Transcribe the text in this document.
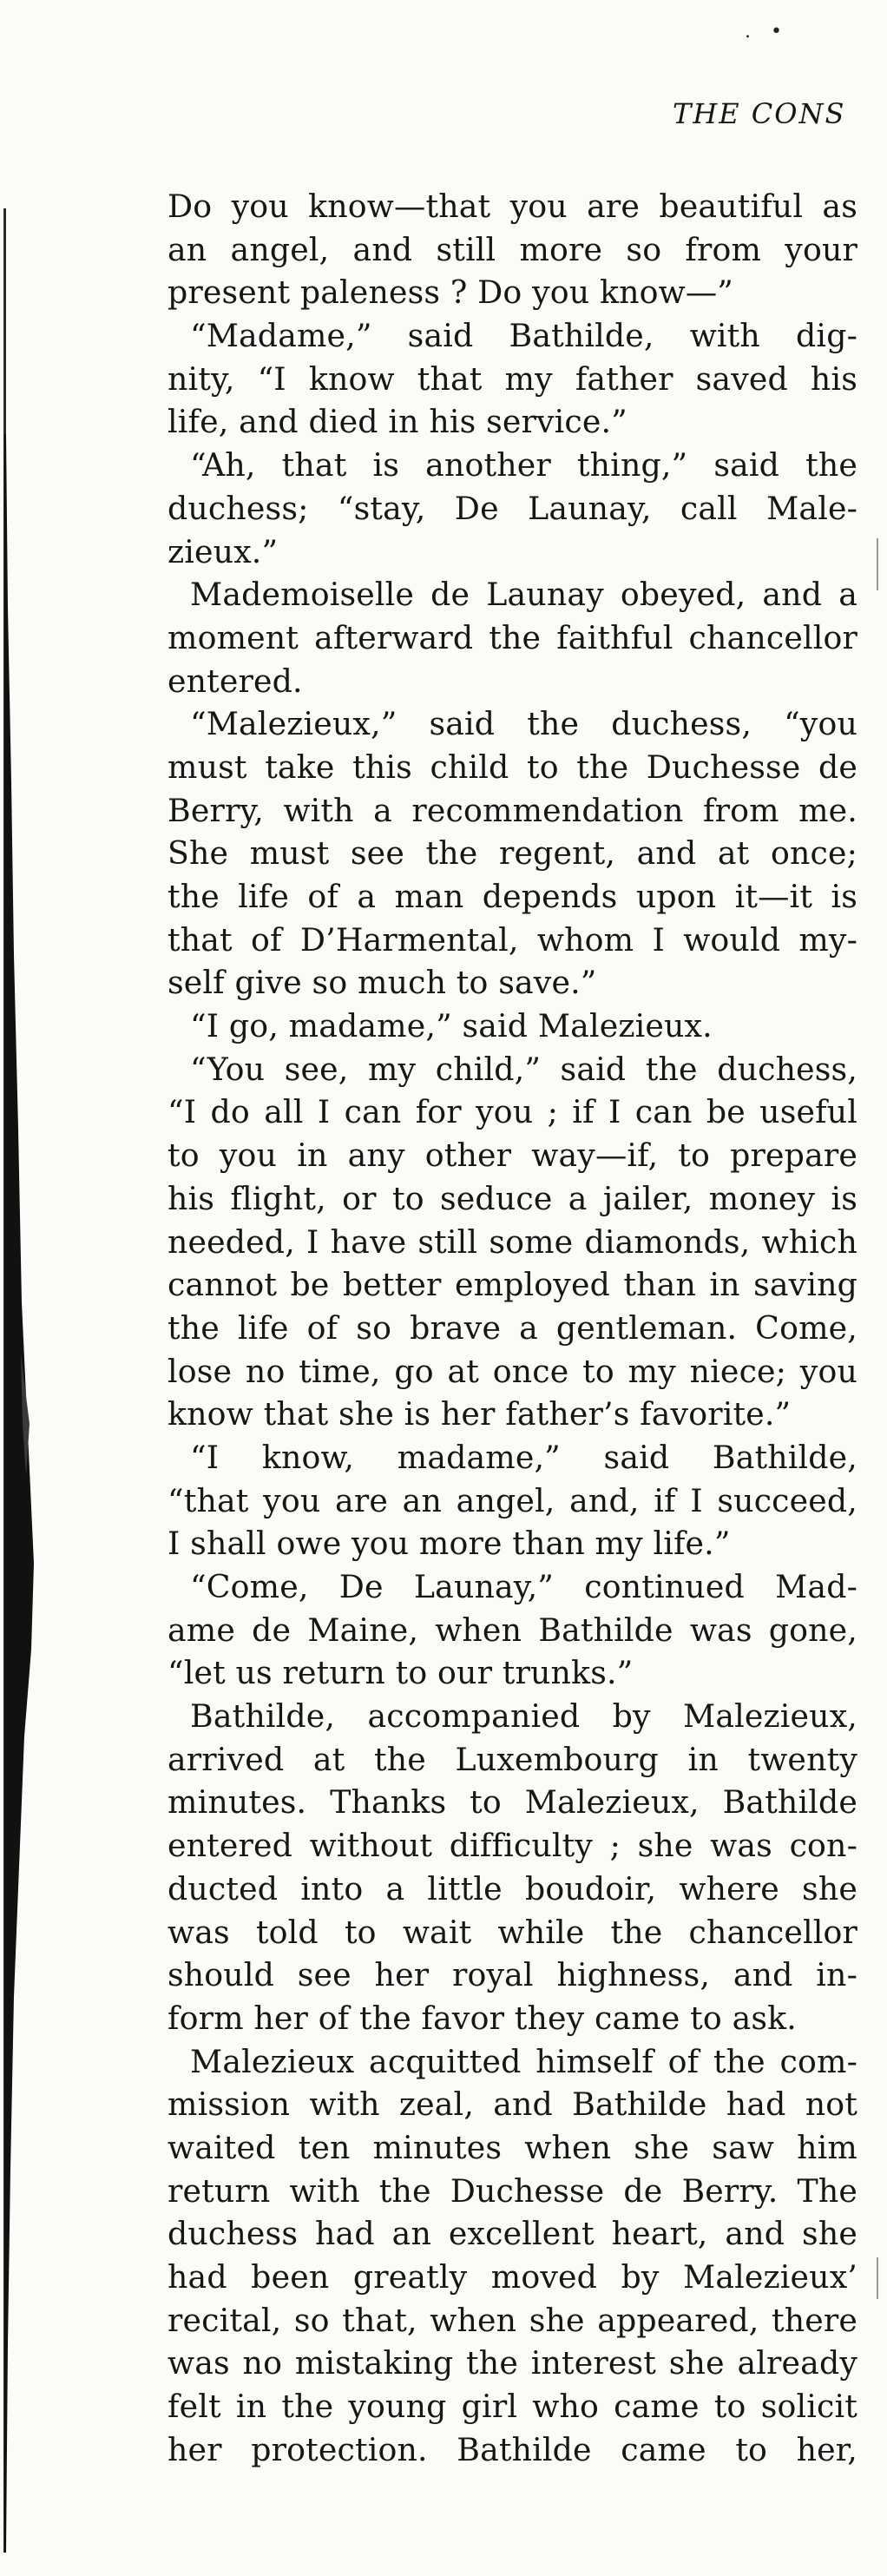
. •
THE CONS
Do you know—that you are beautiful as
an angel, and still more so from your
present paleness ? Do you know—”
“Madame,” said Bathilde, with dig-
nity, “I know that my father saved his
life, and died in his service.”
“Ah, that is another thing,” said the
duchess; “stay, De Launay, call Male-
zieux.”
Mademoiselle de Launay obeyed, and a
moment afterward the faithful chancellor
entered.
“Malezieux,” said the duchess, “you
must take this child to the Duchesse de
Berry, with a recommendation from me.
She must see the regent, and at once;
the life of a man depends upon it—it is
that of D’Harmental, whom I would my-
self give so much to save.”
“I go, madame,” said Malezieux.
“You see, my child,” said the duchess,
“I do all I can for you ; if I can be useful
to you in any other way—if, to prepare
his flight, or to seduce a jailer, money is
needed, I have still some diamonds, which
cannot be better employed than in saving
the life of so brave a gentleman. Come,
lose no time, go at once to my niece; you
know that she is her father’s favorite.”
“I know, madame,” said Bathilde,
“that you are an angel, and, if I succeed,
I shall owe you more than my life.”
“Come, De Launay,” continued Mad-
ame de Maine, when Bathilde was gone,
“let us return to our trunks.”
Bathilde, accompanied by Malezieux,
arrived at the Luxembourg in twenty
minutes. Thanks to Malezieux, Bathilde
entered without difficulty ; she was con-
ducted into a little boudoir, where she
was told to wait while the chancellor
should see her royal highness, and in-
form her of the favor they came to ask.
Malezieux acquitted himself of the com-
mission with zeal, and Bathilde had not
waited ten minutes when she saw him
return with the Duchesse de Berry. The
duchess had an excellent heart, and she
had been greatly moved by Malezieux’
recital, so that, when she appeared, there
was no mistaking the interest she already
felt in the young girl who came to solicit
her protection. Bathilde came to her,
